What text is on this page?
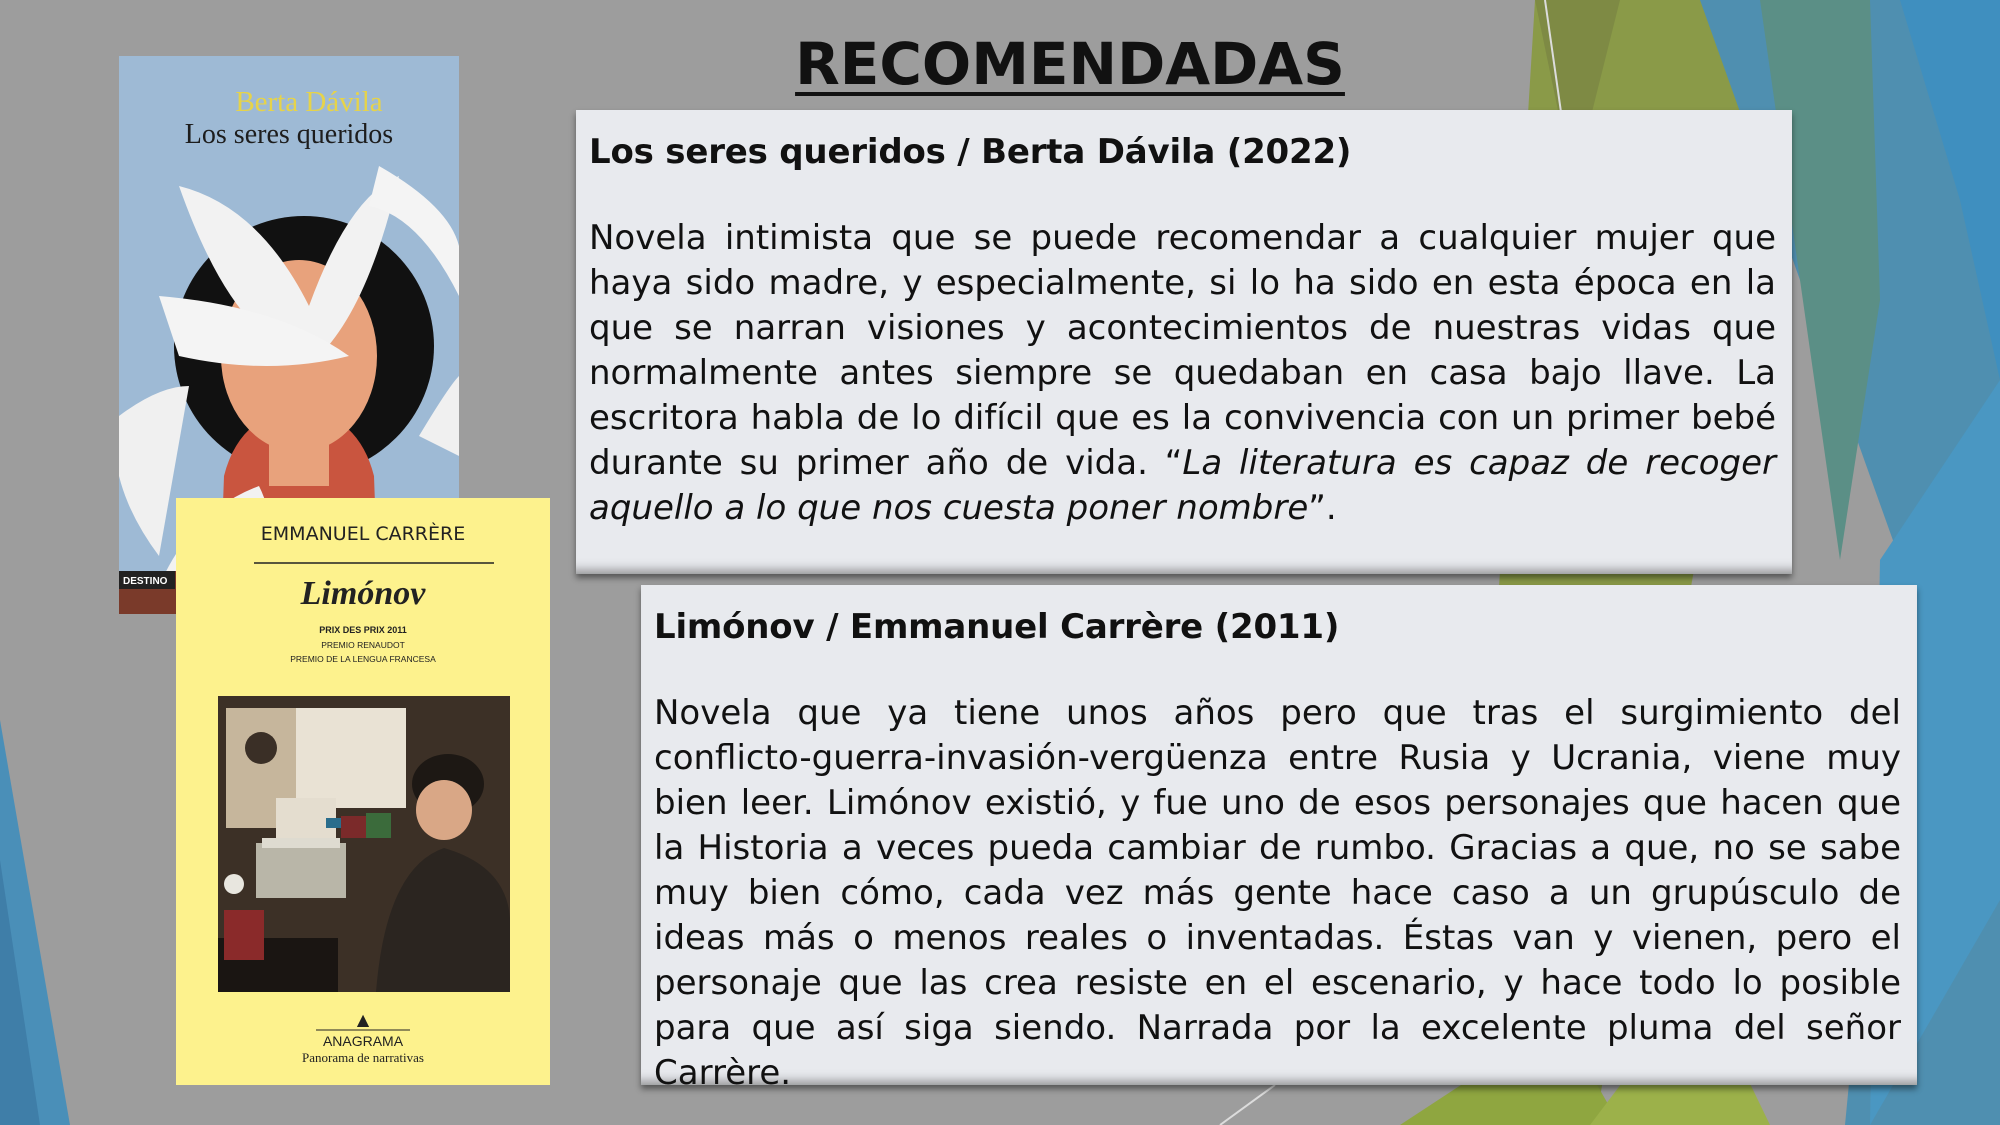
RECOMENDADAS
Berta Dávila
Los seres queridos
DESTINO
EMMANUEL CARRÈRE
Limónov
PRIX DES PRIX 2011
PREMIO RENAUDOT
PREMIO DE LA LENGUA FRANCESA
▲
ANAGRAMA
Panorama de narrativas
Los seres queridos / Berta Dávila (2022)

Novela intimista que se puede recomendar a cualquier mujer que haya sido madre, y especialmente, si lo ha sido en esta época en la que se narran visiones y acontecimientos de nuestras vidas que normalmente antes siempre se quedaban en casa bajo llave. La escritora habla de lo difícil que es la convivencia con un primer bebé durante su primer año de vida. “La literatura es capaz de recoger aquello a lo que nos cuesta poner nombre”.

Limónov / Emmanuel Carrère (2011)

Novela que ya tiene unos años pero que tras el surgimiento del conflicto-guerra-invasión-vergüenza entre Rusia y Ucrania, viene muy bien leer. Limónov existió, y fue uno de esos personajes que hacen que la Historia a veces pueda cambiar de rumbo. Gracias a que, no se sabe muy bien cómo, cada vez más gente hace caso a un grupúsculo de ideas más o menos reales o inventadas. Éstas van y vienen, pero el personaje que las crea resiste en el escenario, y hace todo lo posible para que así siga siendo. Narrada por la excelente pluma del señor Carrère.
